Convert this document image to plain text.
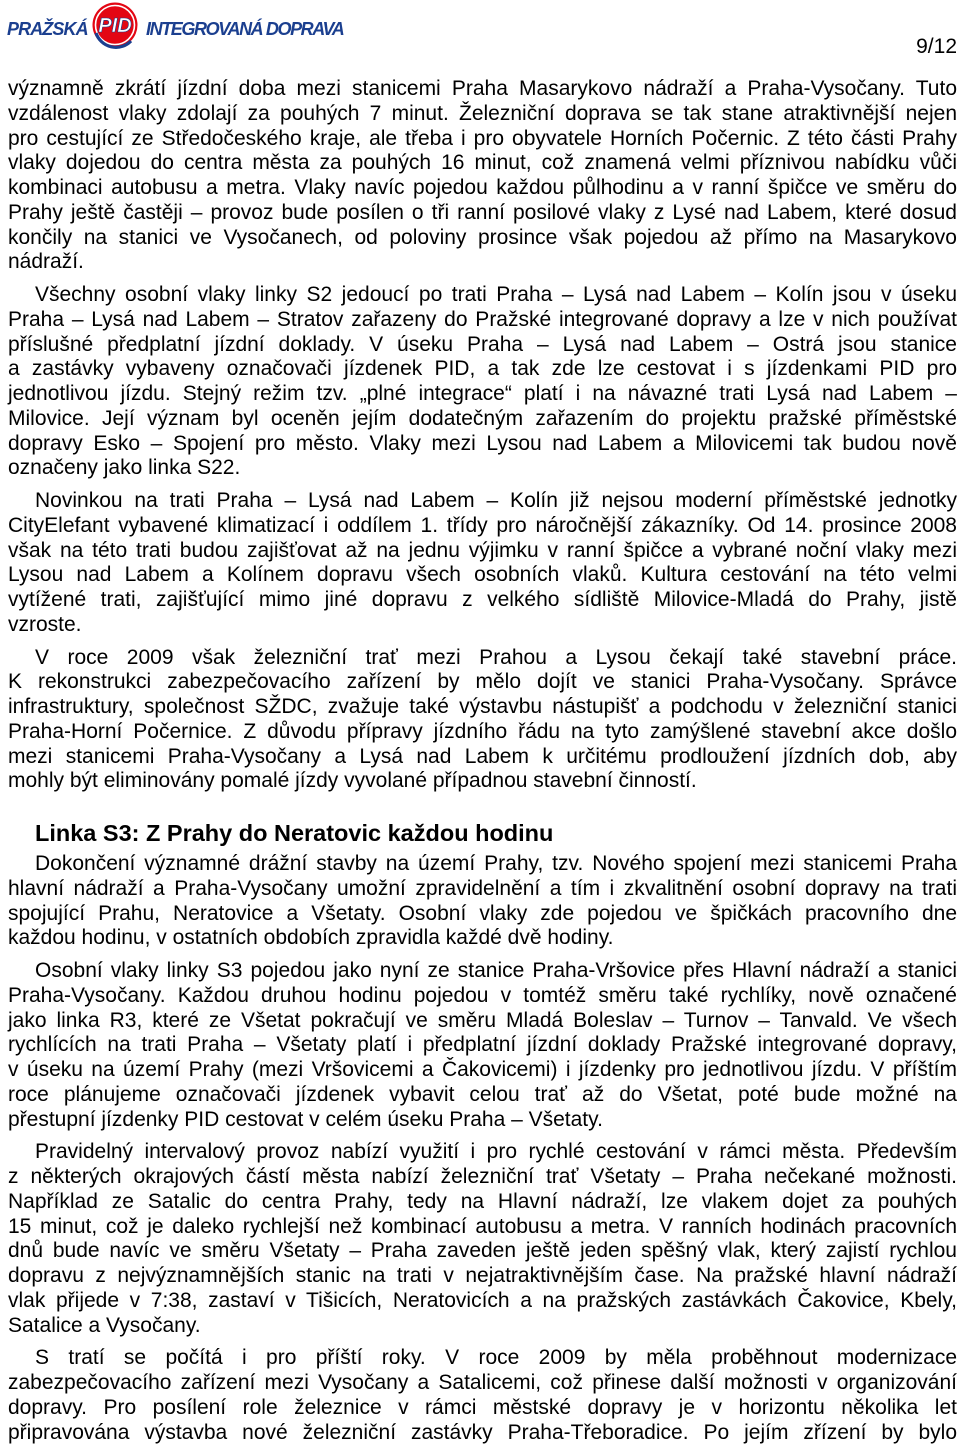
PRAŽSKÁ PID INTEGROVANÁ DOPRAVA
9/12
významně zkrátí jízdní doba mezi stanicemi Praha Masarykovo nádraží a Praha-Vysočany. Tuto
vzdálenost vlaky zdolají za pouhých 7 minut. Železniční doprava se tak stane atraktivnější nejen
pro cestující ze Středočeského kraje, ale třeba i pro obyvatele Horních Počernic. Z této části Prahy
vlaky dojedou do centra města za pouhých 16 minut, což znamená velmi příznivou nabídku vůči
kombinaci autobusu a metra. Vlaky navíc pojedou každou půlhodinu a v ranní špičce ve směru do
Prahy ještě častěji – provoz bude posílen o tři ranní posilové vlaky z Lysé nad Labem, které dosud
končily na stanici ve Vysočanech, od poloviny prosince však pojedou až přímo na Masarykovo
nádraží.
Všechny osobní vlaky linky S2 jedoucí po trati Praha – Lysá nad Labem – Kolín jsou v úseku
Praha – Lysá nad Labem – Stratov zařazeny do Pražské integrované dopravy a lze v nich používat
příslušné předplatní jízdní doklady. V úseku Praha – Lysá nad Labem – Ostrá jsou stanice
a zastávky vybaveny označovači jízdenek PID, a tak zde lze cestovat i s jízdenkami PID pro
jednotlivou jízdu. Stejný režim tzv. „plné integrace“ platí i na návazné trati Lysá nad Labem –
Milovice. Její význam byl oceněn jejím dodatečným zařazením do projektu pražské příměstské
dopravy Esko – Spojení pro město. Vlaky mezi Lysou nad Labem a Milovicemi tak budou nově
označeny jako linka S22.
Novinkou na trati Praha – Lysá nad Labem – Kolín již nejsou moderní příměstské jednotky
CityElefant vybavené klimatizací i oddílem 1. třídy pro náročnější zákazníky. Od 14. prosince 2008
však na této trati budou zajišťovat až na jednu výjimku v ranní špičce a vybrané noční vlaky mezi
Lysou nad Labem a Kolínem dopravu všech osobních vlaků. Kultura cestování na této velmi
vytížené trati, zajišťující mimo jiné dopravu z velkého sídliště Milovice-Mladá do Prahy, jistě
vzroste.
V roce 2009 však železniční trať mezi Prahou a Lysou čekají také stavební práce.
K rekonstrukci zabezpečovacího zařízení by mělo dojít ve stanici Praha-Vysočany. Správce
infrastruktury, společnost SŽDC, zvažuje také výstavbu nástupišť a podchodu v železniční stanici
Praha-Horní Počernice. Z důvodu přípravy jízdního řádu na tyto zamýšlené stavební akce došlo
mezi stanicemi Praha-Vysočany a Lysá nad Labem k určitému prodloužení jízdních dob, aby
mohly být eliminovány pomalé jízdy vyvolané případnou stavební činností.
Linka S3: Z Prahy do Neratovic každou hodinu
Dokončení významné drážní stavby na území Prahy, tzv. Nového spojení mezi stanicemi Praha
hlavní nádraží a Praha-Vysočany umožní zpravidelnění a tím i zkvalitnění osobní dopravy na trati
spojující Prahu, Neratovice a Všetaty. Osobní vlaky zde pojedou ve špičkách pracovního dne
každou hodinu, v ostatních obdobích zpravidla každé dvě hodiny.
Osobní vlaky linky S3 pojedou jako nyní ze stanice Praha-Vršovice přes Hlavní nádraží a stanici
Praha-Vysočany. Každou druhou hodinu pojedou v tomtéž směru také rychlíky, nově označené
jako linka R3, které ze Všetat pokračují ve směru Mladá Boleslav – Turnov – Tanvald. Ve všech
rychlících na trati Praha – Všetaty platí i předplatní jízdní doklady Pražské integrované dopravy,
v úseku na území Prahy (mezi Vršovicemi a Čakovicemi) i jízdenky pro jednotlivou jízdu. V příštím
roce plánujeme označovači jízdenek vybavit celou trať až do Všetat, poté bude možné na
přestupní jízdenky PID cestovat v celém úseku Praha – Všetaty.
Pravidelný intervalový provoz nabízí využití i pro rychlé cestování v rámci města. Především
z některých okrajových částí města nabízí železniční trať Všetaty – Praha nečekané možnosti.
Například ze Satalic do centra Prahy, tedy na Hlavní nádraží, lze vlakem dojet za pouhých
15 minut, což je daleko rychlejší než kombinací autobusu a metra. V ranních hodinách pracovních
dnů bude navíc ve směru Všetaty – Praha zaveden ještě jeden spěšný vlak, který zajistí rychlou
dopravu z nejvýznamnějších stanic na trati v nejatraktivnějším čase. Na pražské hlavní nádraží
vlak přijede v 7:38, zastaví v Tišicích, Neratovicích a na pražských zastávkách Čakovice, Kbely,
Satalice a Vysočany.
S tratí se počítá i pro příští roky. V roce 2009 by měla proběhnout modernizace
zabezpečovacího zařízení mezi Vysočany a Satalicemi, což přinese další možnosti v organizování
dopravy. Pro posílení role železnice v rámci městské dopravy je v horizontu několika let
připravována výstavba nové železniční zastávky Praha-Třeboradice. Po jejím zřízení by bylo
